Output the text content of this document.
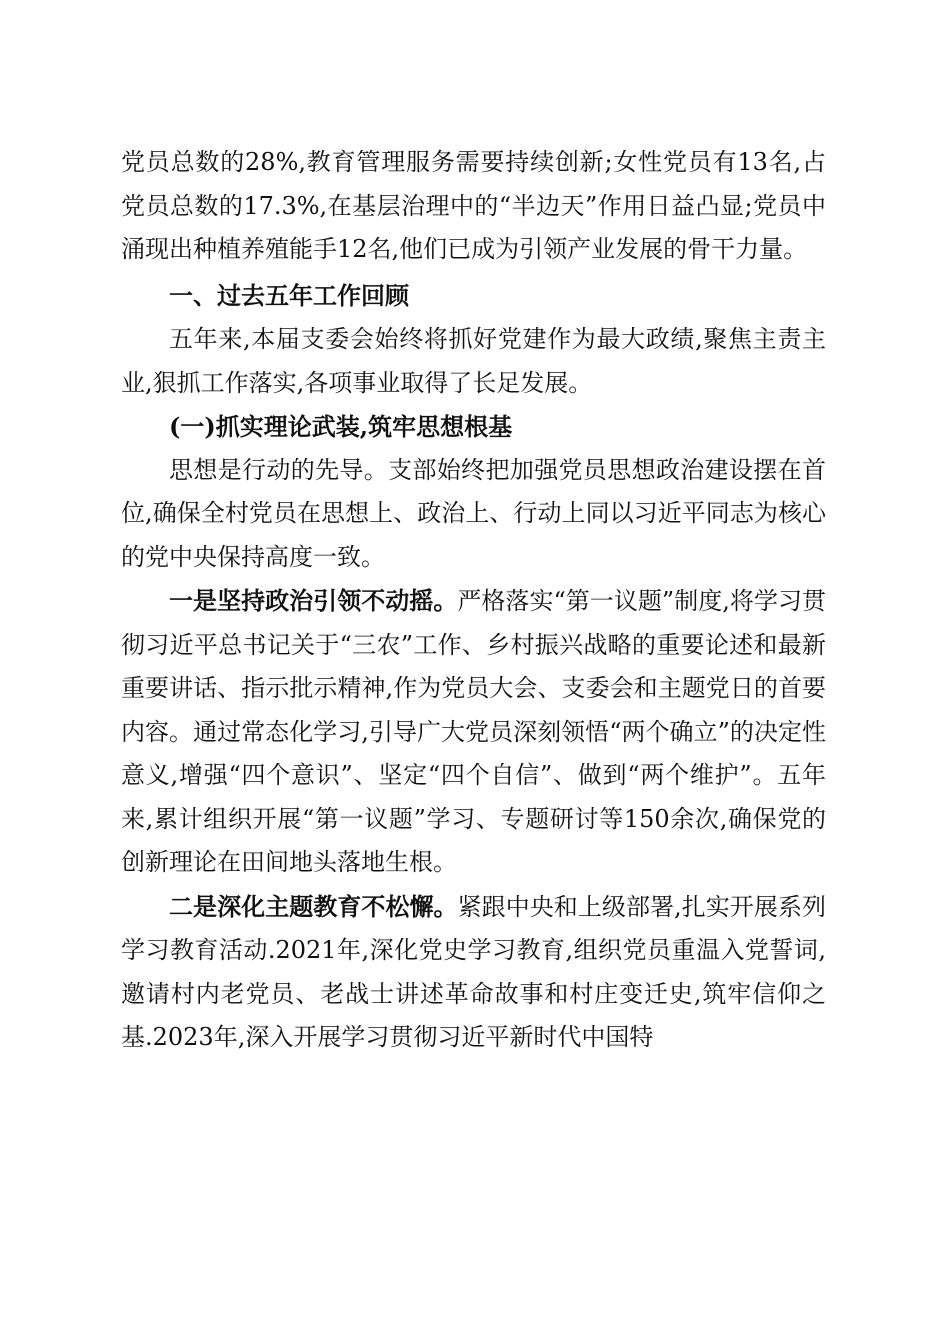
党员总数的28%,教育管理服务需要持续创新;女性党员有13名,占党员总数的17.3%,在基层治理中的“半边天”作用日益凸显;党员中涌现出种植养殖能手12名,他们已成为引领产业发展的骨干力量。

一、过去五年工作回顾

五年来,本届支委会始终将抓好党建作为最大政绩,聚焦主责主业,狠抓工作落实,各项事业取得了长足发展。

(一)抓实理论武装,筑牢思想根基

思想是行动的先导。支部始终把加强党员思想政治建设摆在首位,确保全村党员在思想上、政治上、行动上同以习近平同志为核心的党中央保持高度一致。

一是坚持政治引领不动摇。严格落实“第一议题”制度,将学习贯彻习近平总书记关于“三农”工作、乡村振兴战略的重要论述和最新重要讲话、指示批示精神,作为党员大会、支委会和主题党日的首要内容。通过常态化学习,引导广大党员深刻领悟“两个确立”的决定性意义,增强“四个意识”、坚定“四个自信”、做到“两个维护”。五年来,累计组织开展“第一议题”学习、专题研讨等150余次,确保党的创新理论在田间地头落地生根。

二是深化主题教育不松懈。紧跟中央和上级部署,扎实开展系列学习教育活动.2021年,深化党史学习教育,组织党员重温入党誓词,邀请村内老党员、老战士讲述革命故事和村庄变迁史,筑牢信仰之基.2023年,深入开展学习贯彻习近平新时代中国特
